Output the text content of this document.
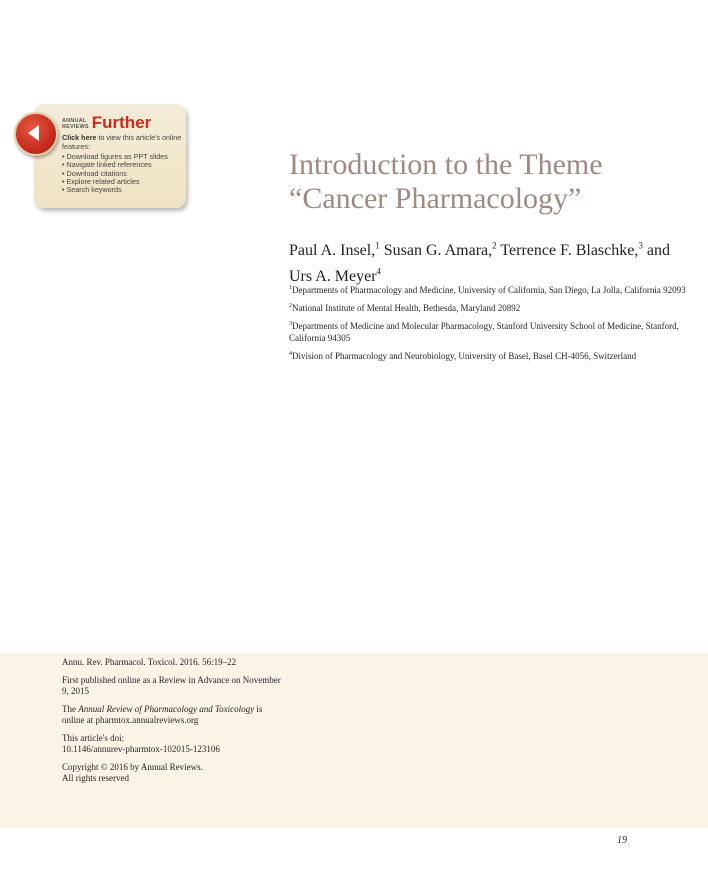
ANNUAL
REVIEWS Further
Click here to view this article's online features:
• Download figures as PPT slides
• Navigate linked references
• Download citations
• Explore related articles
• Search keywords
Introduction to the Theme
“Cancer Pharmacology”
Paul A. Insel,$^1$ Susan G. Amara,$^2$ Terrence F. Blaschke,$^3$ and Urs A. Meyer$^4$
$^1$Departments of Pharmacology and Medicine, University of California, San Diego, La Jolla, California 92093
$^2$National Institute of Mental Health, Bethesda, Maryland 20892
$^3$Departments of Medicine and Molecular Pharmacology, Stanford University School of Medicine, Stanford, California 94305
$^4$Division of Pharmacology and Neurobiology, University of Basel, Basel CH-4056, Switzerland

Annu. Rev. Pharmacol. Toxicol. 2016. 56:19–22

First published online as a Review in Advance on November 9, 2015

The Annual Review of Pharmacology and Toxicology is online at pharmtox.annualreviews.org

This article's doi:
10.1146/annurev-pharmtox-102015-123106

Copyright © 2016 by Annual Reviews.
All rights reserved

19
